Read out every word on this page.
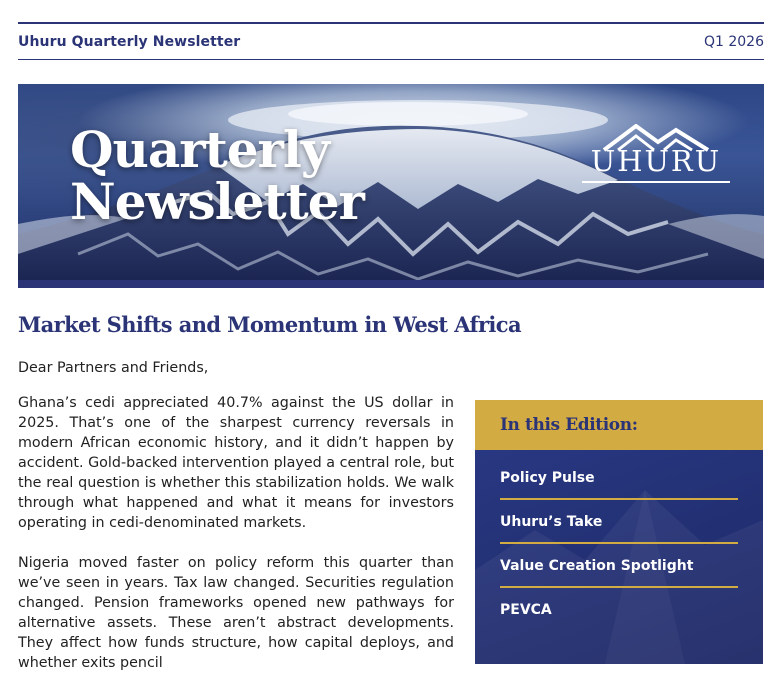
Uhuru Quarterly Newsletter	Q1 2026
Quarterly
Newsletter
UHURU
Market Shifts and Momentum in West Africa

Dear Partners and Friends,

Ghana’s cedi appreciated 40.7% against the US dollar in 2025. That’s one of the sharpest currency reversals in modern African economic history, and it didn’t happen by accident. Gold-backed intervention played a central role, but the real question is whether this stabilization holds. We walk through what happened and what it means for investors operating in cedi-denominated markets.

Nigeria moved faster on policy reform this quarter than we’ve seen in years. Tax law changed. Securities regulation changed. Pension frameworks opened new pathways for alternative assets. These aren’t abstract developments. They affect how funds structure, how capital deploys, and whether exits pencil

In this Edition:
Policy Pulse
Uhuru’s Take
Value Creation Spotlight
PEVCA
